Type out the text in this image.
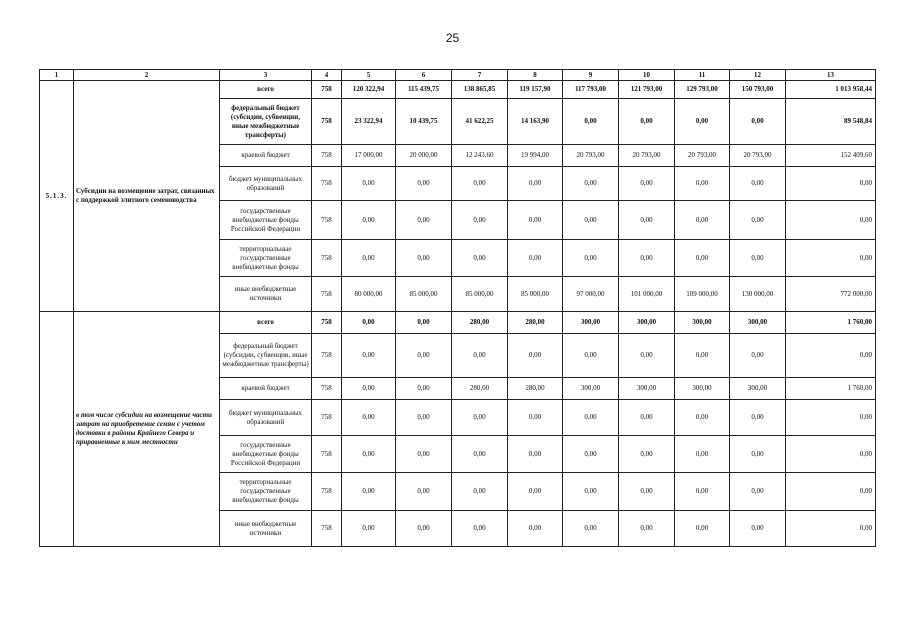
25
1	2	3	4	5	6	7	8	9	10	11	12	13
5.1.3.	Субсидии на возмещение затрат, связанных с поддержкой элитного семеноводства	всего	758	120 322,94	115 439,75	138 865,85	119 157,90	117 793,00	121 793,00	129 793,00	150 793,00	1 013 958,44
		федеральный бюджет (субсидии, субвенции, иные межбюджетные трансферты)	758	23 322,94	10 439,75	41 622,25	14 163,90	0,00	0,00	0,00	0,00	89 548,84
		краевой бюджет	758	17 000,00	20 000,00	12 243,60	19 994,00	20 793,00	20 793,00	20 793,00	20 793,00	152 409,60
		бюджет муниципальных образований	758	0,00	0,00	0,00	0,00	0,00	0,00	0,00	0,00	0,00
		государственные внебюджетные фонды Российской Федерации	758	0,00	0,00	0,00	0,00	0,00	0,00	0,00	0,00	0,00
		территориальные государственные внебюджетные фонды	758	0,00	0,00	0,00	0,00	0,00	0,00	0,00	0,00	0,00
		иные внебюджетные источники	758	80 000,00	85 000,00	85 000,00	85 000,00	97 000,00	101 000,00	109 000,00	130 000,00	772 000,00
	в том числе субсидии на возмещение части затрат на приобретение семян с учетом доставки в районы Крайнего Севера и приравненные к ним местности	всего	758	0,00	0,00	280,00	280,00	300,00	300,00	300,00	300,00	1 760,00
		федеральный бюджет (субсидии, субвенции, иные межбюджетные трансферты)	758	0,00	0,00	0,00	0,00	0,00	0,00	0,00	0,00	0,00
		краевой бюджет	758	0,00	0,00	280,00	280,00	300,00	300,00	300,00	300,00	1 760,00
		бюджет муниципальных образований	758	0,00	0,00	0,00	0,00	0,00	0,00	0,00	0,00	0,00
		государственные внебюджетные фонды Российской Федерации	758	0,00	0,00	0,00	0,00	0,00	0,00	0,00	0,00	0,00
		территориальные государственные внебюджетные фонды	758	0,00	0,00	0,00	0,00	0,00	0,00	0,00	0,00	0,00
		иные внебюджетные источники	758	0,00	0,00	0,00	0,00	0,00	0,00	0,00	0,00	0,00
